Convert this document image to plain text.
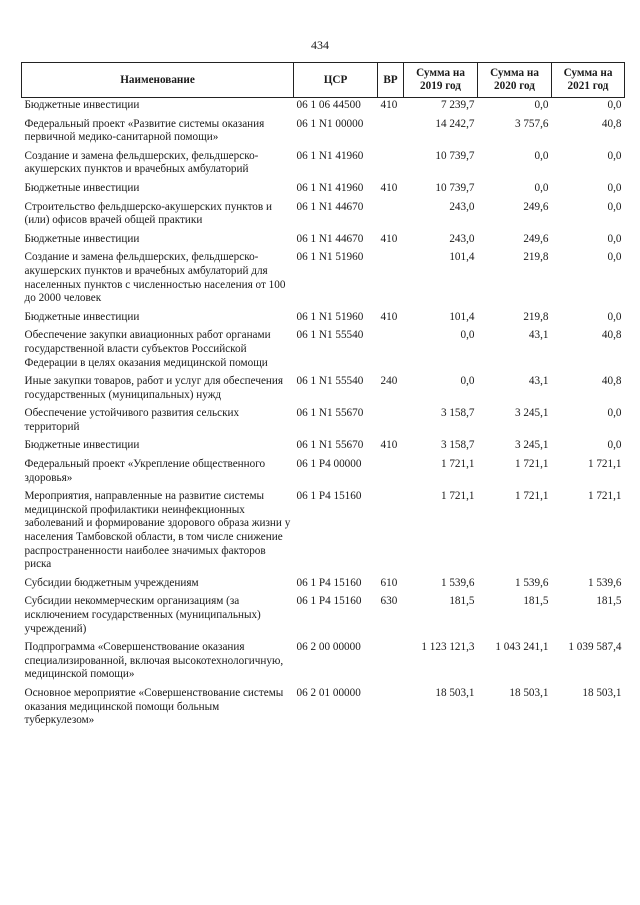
434
Наименование	ЦСР	ВР	Сумма на 2019 год	Сумма на 2020 год	Сумма на 2021 год
Бюджетные инвестиции	06 1 06 44500	410	7 239,7	0,0	0,0
Федеральный проект «Развитие системы оказания первичной медико-санитарной помощи»	06 1 N1 00000		14 242,7	3 757,6	40,8
Создание и замена фельдшерских, фельдшерско-акушерских пунктов и врачебных амбулаторий	06 1 N1 41960		10 739,7	0,0	0,0
Бюджетные инвестиции	06 1 N1 41960	410	10 739,7	0,0	0,0
Строительство фельдшерско-акушерских пунктов и (или) офисов врачей общей практики	06 1 N1 44670		243,0	249,6	0,0
Бюджетные инвестиции	06 1 N1 44670	410	243,0	249,6	0,0
Создание и замена фельдшерских, фельдшерско-акушерских пунктов и врачебных амбулаторий для населенных пунктов с численностью населения от 100 до 2000 человек	06 1 N1 51960		101,4	219,8	0,0
Бюджетные инвестиции	06 1 N1 51960	410	101,4	219,8	0,0
Обеспечение закупки авиационных работ органами государственной власти субъектов Российской Федерации в целях оказания медицинской помощи	06 1 N1 55540		0,0	43,1	40,8
Иные закупки товаров, работ и услуг для обеспечения государственных (муниципальных) нужд	06 1 N1 55540	240	0,0	43,1	40,8
Обеспечение устойчивого развития сельских территорий	06 1 N1 55670		3 158,7	3 245,1	0,0
Бюджетные инвестиции	06 1 N1 55670	410	3 158,7	3 245,1	0,0
Федеральный проект «Укрепление общественного здоровья»	06 1 P4 00000		1 721,1	1 721,1	1 721,1
Мероприятия, направленные на развитие системы медицинской профилактики неинфекционных заболеваний и формирование здорового образа жизни у населения Тамбовской области, в том числе снижение распространенности наиболее значимых факторов риска	06 1 P4 15160		1 721,1	1 721,1	1 721,1
Субсидии бюджетным учреждениям	06 1 P4 15160	610	1 539,6	1 539,6	1 539,6
Субсидии некоммерческим организациям (за исключением государственных (муниципальных) учреждений)	06 1 P4 15160	630	181,5	181,5	181,5
Подпрограмма «Совершенствование оказания специализированной, включая высокотехнологичную, медицинской помощи»	06 2 00 00000		1 123 121,3	1 043 241,1	1 039 587,4
Основное мероприятие «Совершенствование системы оказания медицинской помощи больным туберкулезом»	06 2 01 00000		18 503,1	18 503,1	18 503,1
